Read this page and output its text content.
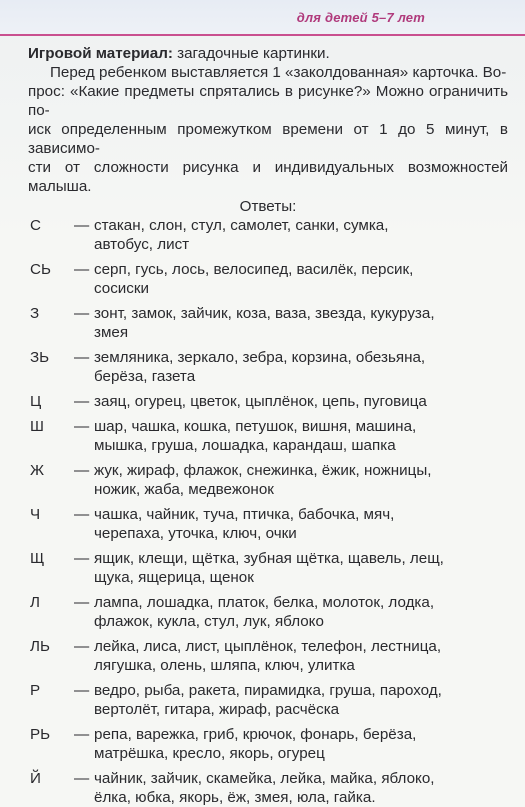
для детей 5–7 лет

Игровой материал: загадочные картинки.

Перед ребенком выставляется 1 «заколдованная» карточка. Во-

прос: «Какие предметы спрятались в рисунке?» Можно ограничить по-

иск определенным промежутком времени от 1 до 5 минут, в зависимо-

сти от сложности рисунка и индивидуальных возможностей малыша.

Ответы:

С	— стакан, слон, стул, самолет, санки, сумка,
автобус, лист
СЬ	— серп, гусь, лось, велосипед, василёк, персик,
сосиски
З	— зонт, замок, зайчик, коза, ваза, звезда, кукуруза,
змея
ЗЬ	— земляника, зеркало, зебра, корзина, обезьяна,
берёза, газета
Ц	— заяц, огурец, цветок, цыплёнок, цепь, пуговица
Ш	— шар, чашка, кошка, петушок, вишня, машина,
мышка, груша, лошадка, карандаш, шапка
Ж	— жук, жираф, флажок, снежинка, ёжик, ножницы,
ножик, жаба, медвежонок
Ч	— чашка, чайник, туча, птичка, бабочка, мяч,
черепаха, уточка, ключ, очки
Щ	— ящик, клещи, щётка, зубная щётка, щавель, лещ,
щука, ящерица, щенок
Л	— лампа, лошадка, платок, белка, молоток, лодка,
флажок, кукла, стул, лук, яблоко
ЛЬ	— лейка, лиса, лист, цыплёнок, телефон, лестница,
лягушка, олень, шляпа, ключ, улитка
Р	— ведро, рыба, ракета, пирамидка, груша, пароход,
вертолёт, гитара, жираф, расчёска
РЬ	— репа, варежка, гриб, крючок, фонарь, берёза,
матрёшка, кресло, якорь, огурец
Й	— чайник, зайчик, скамейка, лейка, майка, яблоко,
ёлка, юбка, якорь, ёж, змея, юла, гайка.
